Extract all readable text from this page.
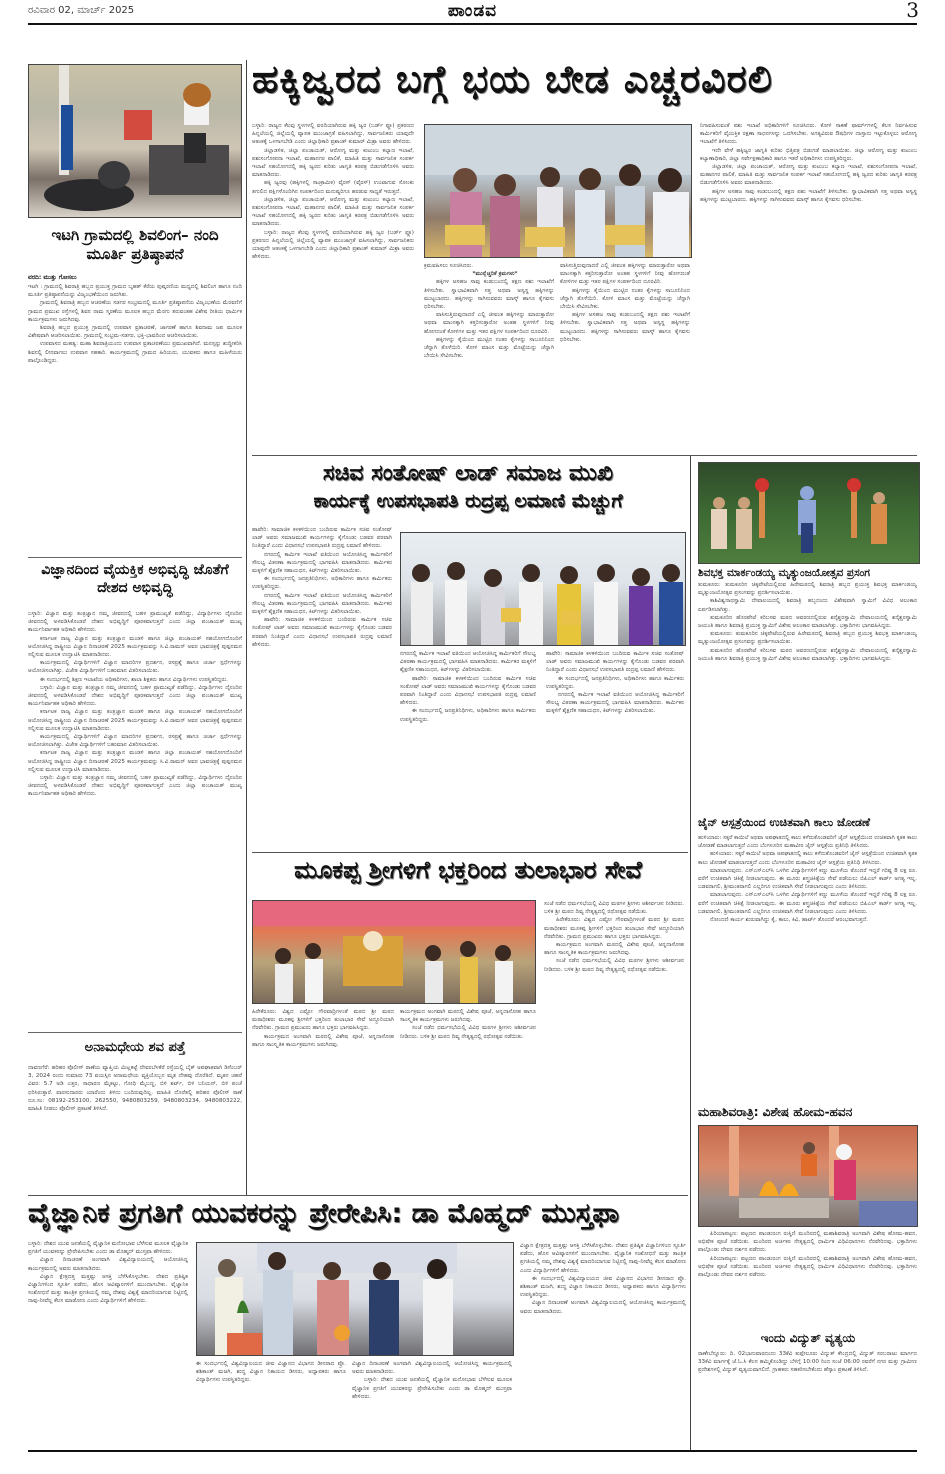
ರವಿವಾರ 02, ಮಾರ್ಚ್ 2025	ಪಾಂಡವ	3
ಇಟಗಿ ಗ್ರಾಮದಲ್ಲಿ ಶಿವಲಿಂಗ– ನಂದಿ ಮೂರ್ತಿ ಪ್ರತಿಷ್ಠಾಪನೆ
ವರದಿ: ಮುತ್ತು ಗೋಸಲು

ಇಟಗಿ : ಗ್ರಾಮದಲ್ಲಿ ಶಿವರಾತ್ರಿ ಹಬ್ಬದ ಪ್ರಯುಕ್ತ ಗ್ರಾಮದ ಬೃಹತ್ ಕೆರೆಯ ಪುಷ್ಕರಣಿಯ ಮಧ್ಯದಲ್ಲಿ ಶಿವಲಿಂಗ ಹಾಗೂ ನಂದಿ ಮೂರ್ತಿ ಪ್ರತಿಷ್ಠಾಪನೆಯನ್ನು ವಿಜೃಂಭಣೆಯಿಂದ ಜರುಗಿತು.

ಗ್ರಾಮದಲ್ಲಿ ಶಿವರಾತ್ರಿ ಹಬ್ಬದ ಆಚರಣೆಯ ಸಡಗರ ಸಂಭ್ರಮದಲ್ಲಿ ಮೂರ್ತಿ ಪ್ರತಿಷ್ಠಾಪನೆಯ ವಿಜೃಂಭಣೆಯ ಮೆರವಣಿಗೆ ಗ್ರಾಮದ ಪ್ರಮುಖ ರಸ್ತೆಗಳಲ್ಲಿ ಶಿವನ ನಾಮ ಸ್ಮರಣೆಯ ಮೂಲಕ ಹಬ್ಬದ ಮೆರಗು ತರುವಂತಹ ವಿಶೇಷ ರೀತಿಯ ಧಾರ್ಮಿಕ ಕಾರ್ಯಕ್ರಮಗಳು ಜರುಗಿದವು.

ಶಿವರಾತ್ರಿ ಹಬ್ಬದ ಪ್ರಯುಕ್ತ ಗ್ರಾಮದಲ್ಲಿ ಉಪವಾಸ ವ್ರತಾಚರಣೆ, ಜಾಗರಣೆ ಹಾಗೂ ಶಿವನಾಮ ಜಪ ಮೂಲಕ ವಿಶೇಷವಾಗಿ ಆಚರಿಸಲಾಯಿತು. ಗ್ರಾಮದಲ್ಲಿ ಸಂಭ್ರಮ-ಸಡಗರ, ಭಕ್ತಿ-ಭಾವದಿಂದ ಆಚರಿಸಲಾಯಿತು.

ಉಪವಾಸದ ಮಹತ್ವ: ಮಹಾ ಶಿವರಾತ್ರಿಯಂದು ಉಪವಾಸ ವ್ರತಾಚರಣೆಯು ಪ್ರಮುಖವಾಗಿದೆ. ಮನಸ್ಸನ್ನು ಶುದ್ಧೀಕರಿಸಿ ಶಿವನಲ್ಲಿ ಲೀನವಾಗಲು ಉಪವಾಸ ಸಹಕಾರಿ. ಕಾರ್ಯಕ್ರಮದಲ್ಲಿ ಗ್ರಾಮದ ಹಿರಿಯರು, ಯುವಕರು ಹಾಗೂ ಮಹಿಳೆಯರು ಪಾಲ್ಗೊಂಡಿದ್ದರು.

ವಿಜ್ಞಾನದಿಂದ ವೈಯಕ್ತಿಕ ಅಭಿವೃದ್ಧಿ ಜೊತೆಗೆ ದೇಶದ ಅಭಿವೃದ್ಧಿ

ಬಳ್ಳಾರಿ: ವಿಜ್ಞಾನ ಮತ್ತು ತಂತ್ರಜ್ಞಾನ ನಮ್ಮ ಜೀವನದಲ್ಲಿ ಬಹಳ ಪ್ರಾಮುಖ್ಯತೆ ಪಡೆದಿದ್ದು, ವಿದ್ಯಾರ್ಥಿಗಳು ದೈನಂದಿನ ಜೀವನದಲ್ಲಿ ಅಳವಡಿಸಿಕೊಂಡರೆ ದೇಶದ ಅಭಿವೃದ್ಧಿಗೆ ಪೂರಕವಾಗುತ್ತದೆ ಎಂದು ಜಿಲ್ಲಾ ಪಂಚಾಯತ್ ಮುಖ್ಯ ಕಾರ್ಯನಿರ್ವಾಹಕ ಅಧಿಕಾರಿ ಹೇಳಿದರು.

ಕರ್ನಾಟಕ ರಾಜ್ಯ ವಿಜ್ಞಾನ ಮತ್ತು ತಂತ್ರಜ್ಞಾನ ಮಂಡಳಿ ಹಾಗೂ ಜಿಲ್ಲಾ ಪಂಚಾಯತ್ ಸಹಯೋಗದೊಂದಿಗೆ ಆಯೋಜಿಸಿದ್ದ ರಾಷ್ಟ್ರೀಯ ವಿಜ್ಞಾನ ದಿನಾಚರಣೆ 2025 ಕಾರ್ಯಕ್ರಮವನ್ನು ಸಿ.ವಿ.ರಾಮನ್ ಅವರ ಭಾವಚಿತ್ರಕ್ಕೆ ಪುಷ್ಪನಮನ ಸಲ್ಲಿಸುವ ಮೂಲಕ ಉದ್ಘಾಟಿಸಿ ಮಾತನಾಡಿದರು.

ಕಾರ್ಯಕ್ರಮದಲ್ಲಿ ವಿದ್ಯಾರ್ಥಿಗಳಿಗೆ ವಿಜ್ಞಾನ ಮಾದರಿಗಳ ಪ್ರದರ್ಶನ, ರಸಪ್ರಶ್ನೆ ಹಾಗೂ ಚರ್ಚಾ ಸ್ಪರ್ಧೆಗಳನ್ನು ಆಯೋಜಿಸಲಾಗಿತ್ತು. ವಿಜೇತ ವಿದ್ಯಾರ್ಥಿಗಳಿಗೆ ಬಹುಮಾನ ವಿತರಿಸಲಾಯಿತು.

ಈ ಸಂದರ್ಭದಲ್ಲಿ ಶಿಕ್ಷಣ ಇಲಾಖೆಯ ಅಧಿಕಾರಿಗಳು, ಶಾಲಾ ಶಿಕ್ಷಕರು ಹಾಗೂ ವಿದ್ಯಾರ್ಥಿಗಳು ಉಪಸ್ಥಿತರಿದ್ದರು.

ಬಳ್ಳಾರಿ: ವಿಜ್ಞಾನ ಮತ್ತು ತಂತ್ರಜ್ಞಾನ ನಮ್ಮ ಜೀವನದಲ್ಲಿ ಬಹಳ ಪ್ರಾಮುಖ್ಯತೆ ಪಡೆದಿದ್ದು, ವಿದ್ಯಾರ್ಥಿಗಳು ದೈನಂದಿನ ಜೀವನದಲ್ಲಿ ಅಳವಡಿಸಿಕೊಂಡರೆ ದೇಶದ ಅಭಿವೃದ್ಧಿಗೆ ಪೂರಕವಾಗುತ್ತದೆ ಎಂದು ಜಿಲ್ಲಾ ಪಂಚಾಯತ್ ಮುಖ್ಯ ಕಾರ್ಯನಿರ್ವಾಹಕ ಅಧಿಕಾರಿ ಹೇಳಿದರು.

ಕರ್ನಾಟಕ ರಾಜ್ಯ ವಿಜ್ಞಾನ ಮತ್ತು ತಂತ್ರಜ್ಞಾನ ಮಂಡಳಿ ಹಾಗೂ ಜಿಲ್ಲಾ ಪಂಚಾಯತ್ ಸಹಯೋಗದೊಂದಿಗೆ ಆಯೋಜಿಸಿದ್ದ ರಾಷ್ಟ್ರೀಯ ವಿಜ್ಞಾನ ದಿನಾಚರಣೆ 2025 ಕಾರ್ಯಕ್ರಮವನ್ನು ಸಿ.ವಿ.ರಾಮನ್ ಅವರ ಭಾವಚಿತ್ರಕ್ಕೆ ಪುಷ್ಪನಮನ ಸಲ್ಲಿಸುವ ಮೂಲಕ ಉದ್ಘಾಟಿಸಿ ಮಾತನಾಡಿದರು.

ಕಾರ್ಯಕ್ರಮದಲ್ಲಿ ವಿದ್ಯಾರ್ಥಿಗಳಿಗೆ ವಿಜ್ಞಾನ ಮಾದರಿಗಳ ಪ್ರದರ್ಶನ, ರಸಪ್ರಶ್ನೆ ಹಾಗೂ ಚರ್ಚಾ ಸ್ಪರ್ಧೆಗಳನ್ನು ಆಯೋಜಿಸಲಾಗಿತ್ತು. ವಿಜೇತ ವಿದ್ಯಾರ್ಥಿಗಳಿಗೆ ಬಹುಮಾನ ವಿತರಿಸಲಾಯಿತು.

ಕರ್ನಾಟಕ ರಾಜ್ಯ ವಿಜ್ಞಾನ ಮತ್ತು ತಂತ್ರಜ್ಞಾನ ಮಂಡಳಿ ಹಾಗೂ ಜಿಲ್ಲಾ ಪಂಚಾಯತ್ ಸಹಯೋಗದೊಂದಿಗೆ ಆಯೋಜಿಸಿದ್ದ ರಾಷ್ಟ್ರೀಯ ವಿಜ್ಞಾನ ದಿನಾಚರಣೆ 2025 ಕಾರ್ಯಕ್ರಮವನ್ನು ಸಿ.ವಿ.ರಾಮನ್ ಅವರ ಭಾವಚಿತ್ರಕ್ಕೆ ಪುಷ್ಪನಮನ ಸಲ್ಲಿಸುವ ಮೂಲಕ ಉದ್ಘಾಟಿಸಿ ಮಾತನಾಡಿದರು.

ಬಳ್ಳಾರಿ: ವಿಜ್ಞಾನ ಮತ್ತು ತಂತ್ರಜ್ಞಾನ ನಮ್ಮ ಜೀವನದಲ್ಲಿ ಬಹಳ ಪ್ರಾಮುಖ್ಯತೆ ಪಡೆದಿದ್ದು, ವಿದ್ಯಾರ್ಥಿಗಳು ದೈನಂದಿನ ಜೀವನದಲ್ಲಿ ಅಳವಡಿಸಿಕೊಂಡರೆ ದೇಶದ ಅಭಿವೃದ್ಧಿಗೆ ಪೂರಕವಾಗುತ್ತದೆ ಎಂದು ಜಿಲ್ಲಾ ಪಂಚಾಯತ್ ಮುಖ್ಯ ಕಾರ್ಯನಿರ್ವಾಹಕ ಅಧಿಕಾರಿ ಹೇಳಿದರು.

ಅನಾಮಧೇಯ ಶವ ಪತ್ತೆ

ದಾವಣಗೆರೆ: ಹರಿಹರ ಪೊಲೀಸ್ ಠಾಣೆಯ ವ್ಯಾಪ್ತಿಯ ಮಿಟ್ಲಕಟ್ಟೆ ದೇವರಬೆಳಕೆರೆ ರಸ್ತೆಯಲ್ಲಿ ಬೈಕ್ ಅಪಘಾತವಾಗಿ ಡಿಸೆಂಬರ್ 3, 2024 ರಂದು ಸುಮಾರು 73 ವಯಸ್ಸಿನ ಅನಾಮಧೇಯ ವ್ಯಕ್ತಿಯೊಬ್ಬನ ಮೃತ ದೇಹವು ದೊರೆತಿದೆ. ಮೃತನ ಚಹರೆ ವಿವರ: 5.7 ಅಡಿ ಎತ್ತರ, ಸಾಧಾರಣ ಮೈಕಟ್ಟು, ಗೋಧಿ ಮೈಬಣ್ಣ, ಬಿಳಿ ಶರ್ಟ್, ಬಿಳಿ ಬನಿಯನ್, ಬಿಳಿ ಪಂಚೆ ಧರಿಸಿರುತ್ತಾರೆ. ವಾರಸುದಾರರು ಯಾರೆಂದು ತಿಳಿದು ಬಂದಿರುವುದಿಲ್ಲ. ಮಾಹಿತಿ ದೊರೆತಲ್ಲಿ ಹರಿಹರ ಪೊಲೀಸ್ ಠಾಣೆ ದೂ.ಸಂ: 08192-253100, 262550, 9480803259, 9480803234, 9480803222, ಮಾಹಿತಿ ನೀಡಲು ಪೊಲೀಸ್ ಪ್ರಕಟಣೆ ತಿಳಿಸಿದೆ.

ಹಕ್ಕಿಜ್ವರದ ಬಗ್ಗೆ ಭಯ ಬೇಡ ಎಚ್ಚರವಿರಲಿ

ಬಳ್ಳಾರಿ: ರಾಜ್ಯದ ಕೆಲವು ಸ್ಥಳಗಳಲ್ಲಿ ವರದಿಯಾಗಿರುವ ಹಕ್ಕಿ ಜ್ವರ (ಬರ್ಡ್ ಫ್ಲೂ) ಪ್ರಕರಣದ ಹಿನ್ನಲೆಯಲ್ಲಿ ಜಿಲ್ಲೆಯಲ್ಲಿ ವ್ಯಾಪಕ ಮುಂಜಾಗ್ರತೆ ವಹಿಸಲಾಗಿದ್ದು, ಸಾರ್ವಜನಿಕರು ಯಾವುದೇ ಆತಂಕಕ್ಕೆ ಒಳಗಾಗಬೇಡಿ ಎಂದು ಜಿಲ್ಲಾಧಿಕಾರಿ ಪ್ರಶಾಂತ್ ಕುಮಾರ್ ಮಿಶ್ರಾ ಅವರು ಹೇಳಿದರು.

ಜಿಲ್ಲಾಡಳಿತ, ಜಿಲ್ಲಾ ಪಂಚಾಯತ್, ಆರೋಗ್ಯ ಮತ್ತು ಕುಟುಂಬ ಕಲ್ಯಾಣ ಇಲಾಖೆ, ಪಶುಸಂಗೋಪನಾ ಇಲಾಖೆ, ಮಹಾನಗರ ಪಾಲಿಕೆ, ಮಾಹಿತಿ ಮತ್ತು ಸಾರ್ವಜನಿಕ ಸಂಪರ್ಕ ಇಲಾಖೆ ಸಹಯೋಗದಲ್ಲಿ ಹಕ್ಕಿ ಜ್ವರದ ಕುರಿತು ಜಾಗೃತಿ ಕರಪತ್ರ ಬಿಡುಗಡೆಗೊಳಿಸಿ ಅವರು ಮಾತನಾಡಿದರು.

ಹಕ್ಕಿ ಜ್ವರವು (ಹಕ್ಕಿಗಳಲ್ಲಿ ಸಾಂಕ್ರಾಮಿಕ) ವೈರಸ್ (ವೈರಸ್) ಉಂಟಾಗುವ ಸೋಂಕು ತಗುಲಿದ ಪಕ್ಷಿಗಳೊಂದಿಗಿನ ಸಂಪರ್ಕದಿಂದ ಮನುಷ್ಯರಿಗೂ ಹರಡುವ ಸಾಧ್ಯತೆ ಇರುತ್ತದೆ.

ಜಿಲ್ಲಾಡಳಿತ, ಜಿಲ್ಲಾ ಪಂಚಾಯತ್, ಆರೋಗ್ಯ ಮತ್ತು ಕುಟುಂಬ ಕಲ್ಯಾಣ ಇಲಾಖೆ, ಪಶುಸಂಗೋಪನಾ ಇಲಾಖೆ, ಮಹಾನಗರ ಪಾಲಿಕೆ, ಮಾಹಿತಿ ಮತ್ತು ಸಾರ್ವಜನಿಕ ಸಂಪರ್ಕ ಇಲಾಖೆ ಸಹಯೋಗದಲ್ಲಿ ಹಕ್ಕಿ ಜ್ವರದ ಕುರಿತು ಜಾಗೃತಿ ಕರಪತ್ರ ಬಿಡುಗಡೆಗೊಳಿಸಿ ಅವರು ಮಾತನಾಡಿದರು.

ಬಳ್ಳಾರಿ: ರಾಜ್ಯದ ಕೆಲವು ಸ್ಥಳಗಳಲ್ಲಿ ವರದಿಯಾಗಿರುವ ಹಕ್ಕಿ ಜ್ವರ (ಬರ್ಡ್ ಫ್ಲೂ) ಪ್ರಕರಣದ ಹಿನ್ನಲೆಯಲ್ಲಿ ಜಿಲ್ಲೆಯಲ್ಲಿ ವ್ಯಾಪಕ ಮುಂಜಾಗ್ರತೆ ವಹಿಸಲಾಗಿದ್ದು, ಸಾರ್ವಜನಿಕರು ಯಾವುದೇ ಆತಂಕಕ್ಕೆ ಒಳಗಾಗಬೇಡಿ ಎಂದು ಜಿಲ್ಲಾಧಿಕಾರಿ ಪ್ರಶಾಂತ್ ಕುಮಾರ್ ಮಿಶ್ರಾ ಅವರು ಹೇಳಿದರು.

ಕ್ರಮವಹಿಸಲು ಸೂಚಿಸಿದರು.

*ಮುನ್ನೆಚ್ಚರಿಕೆ ಕ್ರಮಗಳು*

ಹಕ್ಕಿಗಳ ಅಸಹಜ ಸಾವು ಕಂಡುಬಂದಲ್ಲಿ ತಕ್ಷಣ ಪಶು ಇಲಾಖೆಗೆ ತಿಳಿಸಬೇಕು. ಸ್ವಾಭಾವಿಕವಾಗಿ ಸತ್ತ ಅಥವಾ ಅಸ್ವಸ್ಥ ಹಕ್ಕಿಗಳನ್ನು ಮುಟ್ಟಬಾರದು. ಹಕ್ಕಿಗಳನ್ನು ಸಾಗಿಸುವವರು ಮಾಸ್ಕ್ ಹಾಗೂ ಕೈಗವಸು ಧರಿಸಬೇಕು.

ವಾಸಿಸುತ್ತಿರುವುದಾದರೆ ಎಲ್ಲಿ ಜೀವಂತ ಹಕ್ಕಿಗಳನ್ನು ಮಾರುತ್ತಾರೋ ಅಥವಾ ಮಾಂಸಕ್ಕಾಗಿ ಕತ್ತರಿಸುತ್ತಾರೋ ಅಂತಹ ಸ್ಥಳಗಳಿಗೆ ನೀವು ಹೋಗದಂತೆ ಕೋಳಿಗಳ ಮತ್ತು ಇತರ ಪಕ್ಷಿಗಳ ಸಂಪರ್ಕದಿಂದ ದೂರವಿರಿ.

ಹಕ್ಕಿಗಳನ್ನು ಕೈಯಿಂದ ಮುಟ್ಟಿದ ನಂತರ ಕೈಗಳನ್ನು ಸಾಬೂನಿನಿಂದ ಚೆನ್ನಾಗಿ ತೊಳೆಯಿರಿ. ಕೋಳಿ ಮಾಂಸ ಮತ್ತು ಮೊಟ್ಟೆಯನ್ನು ಚೆನ್ನಾಗಿ ಬೇಯಿಸಿ ಸೇವಿಸಬೇಕು.

ವಾಸಿಸುತ್ತಿರುವುದಾದರೆ ಎಲ್ಲಿ ಜೀವಂತ ಹಕ್ಕಿಗಳನ್ನು ಮಾರುತ್ತಾರೋ ಅಥವಾ ಮಾಂಸಕ್ಕಾಗಿ ಕತ್ತರಿಸುತ್ತಾರೋ ಅಂತಹ ಸ್ಥಳಗಳಿಗೆ ನೀವು ಹೋಗದಂತೆ ಕೋಳಿಗಳ ಮತ್ತು ಇತರ ಪಕ್ಷಿಗಳ ಸಂಪರ್ಕದಿಂದ ದೂರವಿರಿ.

ಹಕ್ಕಿಗಳನ್ನು ಕೈಯಿಂದ ಮುಟ್ಟಿದ ನಂತರ ಕೈಗಳನ್ನು ಸಾಬೂನಿನಿಂದ ಚೆನ್ನಾಗಿ ತೊಳೆಯಿರಿ. ಕೋಳಿ ಮಾಂಸ ಮತ್ತು ಮೊಟ್ಟೆಯನ್ನು ಚೆನ್ನಾಗಿ ಬೇಯಿಸಿ ಸೇವಿಸಬೇಕು.

ಹಕ್ಕಿಗಳ ಅಸಹಜ ಸಾವು ಕಂಡುಬಂದಲ್ಲಿ ತಕ್ಷಣ ಪಶು ಇಲಾಖೆಗೆ ತಿಳಿಸಬೇಕು. ಸ್ವಾಭಾವಿಕವಾಗಿ ಸತ್ತ ಅಥವಾ ಅಸ್ವಸ್ಥ ಹಕ್ಕಿಗಳನ್ನು ಮುಟ್ಟಬಾರದು. ಹಕ್ಕಿಗಳನ್ನು ಸಾಗಿಸುವವರು ಮಾಸ್ಕ್ ಹಾಗೂ ಕೈಗವಸು ಧರಿಸಬೇಕು.

ನಿಗಾವಹಿಸುವಂತೆ ಪಶು ಇಲಾಖೆ ಅಧಿಕಾರಿಗಳಿಗೆ ಸೂಚಿಸಿದರು. ಕೋಳಿ ಸಾಕಣೆ ಫಾರ್ಮ್‌ಗಳಲ್ಲಿ ಕೆಲಸ ನಿರ್ವಹಿಸುವ ಕಾರ್ಮಿಕರಿಗೆ ವೈಯಕ್ತಿಕ ರಕ್ಷಣಾ ಸಾಧನಗಳನ್ನು ಒದಗಿಸಬೇಕು. ಅಗತ್ಯವಿರುವ ಔಷಧಿಗಳ ದಾಸ್ತಾನು ಇಟ್ಟುಕೊಳ್ಳಲು ಆರೋಗ್ಯ ಇಲಾಖೆಗೆ ತಿಳಿಸಿದರು.

ಇದೇ ವೇಳೆ ಹಕ್ಕಿಜ್ವರ ಜಾಗೃತಿ ಕುರಿತು ಭಿತ್ತಿಪತ್ರ ಬಿಡುಗಡೆ ಮಾಡಲಾಯಿತು. ಜಿಲ್ಲಾ ಆರೋಗ್ಯ ಮತ್ತು ಕುಟುಂಬ ಕಲ್ಯಾಣಾಧಿಕಾರಿ, ಜಿಲ್ಲಾ ಸರ್ವೇಕ್ಷಣಾಧಿಕಾರಿ ಹಾಗೂ ಇತರೆ ಅಧಿಕಾರಿಗಳು ಉಪಸ್ಥಿತರಿದ್ದರು.

ಜಿಲ್ಲಾಡಳಿತ, ಜಿಲ್ಲಾ ಪಂಚಾಯತ್, ಆರೋಗ್ಯ ಮತ್ತು ಕುಟುಂಬ ಕಲ್ಯಾಣ ಇಲಾಖೆ, ಪಶುಸಂಗೋಪನಾ ಇಲಾಖೆ, ಮಹಾನಗರ ಪಾಲಿಕೆ, ಮಾಹಿತಿ ಮತ್ತು ಸಾರ್ವಜನಿಕ ಸಂಪರ್ಕ ಇಲಾಖೆ ಸಹಯೋಗದಲ್ಲಿ ಹಕ್ಕಿ ಜ್ವರದ ಕುರಿತು ಜಾಗೃತಿ ಕರಪತ್ರ ಬಿಡುಗಡೆಗೊಳಿಸಿ ಅವರು ಮಾತನಾಡಿದರು.

ಹಕ್ಕಿಗಳ ಅಸಹಜ ಸಾವು ಕಂಡುಬಂದಲ್ಲಿ ತಕ್ಷಣ ಪಶು ಇಲಾಖೆಗೆ ತಿಳಿಸಬೇಕು. ಸ್ವಾಭಾವಿಕವಾಗಿ ಸತ್ತ ಅಥವಾ ಅಸ್ವಸ್ಥ ಹಕ್ಕಿಗಳನ್ನು ಮುಟ್ಟಬಾರದು. ಹಕ್ಕಿಗಳನ್ನು ಸಾಗಿಸುವವರು ಮಾಸ್ಕ್ ಹಾಗೂ ಕೈಗವಸು ಧರಿಸಬೇಕು.

ಸಚಿವ ಸಂತೋಷ್ ಲಾಡ್ ಸಮಾಜ ಮುಖಿ
ಕಾರ್ಯಕ್ಕೆ ಉಪಸಭಾಪತಿ ರುದ್ರಪ್ಪ ಲಮಾಣಿ ಮೆಚ್ಚುಗೆ

ಹಾವೇರಿ: ಸಾಮಾಜಿಕ ಕಳಕಳಿಯಿಂದ ಬಂದಿರುವ ಕಾರ್ಮಿಕ ಸಚಿವ ಸಂತೋಷ್ ಲಾಡ್ ಅವರು ಸಮಾಜಮುಖಿ ಕಾರ್ಯಗಳನ್ನು ಕೈಗೊಂಡು ಬಡವರ ಪರವಾಗಿ ನಿಂತಿದ್ದಾರೆ ಎಂದು ವಿಧಾನಸಭೆ ಉಪಸಭಾಪತಿ ರುದ್ರಪ್ಪ ಲಮಾಣಿ ಹೇಳಿದರು.

ನಗರದಲ್ಲಿ ಕಾರ್ಮಿಕ ಇಲಾಖೆ ವತಿಯಿಂದ ಆಯೋಜಿಸಿದ್ದ ಕಾರ್ಮಿಕರಿಗೆ ಸೌಲಭ್ಯ ವಿತರಣಾ ಕಾರ್ಯಕ್ರಮದಲ್ಲಿ ಭಾಗವಹಿಸಿ ಮಾತನಾಡಿದರು. ಕಾರ್ಮಿಕರ ಮಕ್ಕಳಿಗೆ ಶೈಕ್ಷಣಿಕ ಸಹಾಯಧನ, ಕಿಟ್‌ಗಳನ್ನು ವಿತರಿಸಲಾಯಿತು.

ಈ ಸಂದರ್ಭದಲ್ಲಿ ಜನಪ್ರತಿನಿಧಿಗಳು, ಅಧಿಕಾರಿಗಳು ಹಾಗೂ ಕಾರ್ಮಿಕರು ಉಪಸ್ಥಿತರಿದ್ದರು.

ನಗರದಲ್ಲಿ ಕಾರ್ಮಿಕ ಇಲಾಖೆ ವತಿಯಿಂದ ಆಯೋಜಿಸಿದ್ದ ಕಾರ್ಮಿಕರಿಗೆ ಸೌಲಭ್ಯ ವಿತರಣಾ ಕಾರ್ಯಕ್ರಮದಲ್ಲಿ ಭಾಗವಹಿಸಿ ಮಾತನಾಡಿದರು. ಕಾರ್ಮಿಕರ ಮಕ್ಕಳಿಗೆ ಶೈಕ್ಷಣಿಕ ಸಹಾಯಧನ, ಕಿಟ್‌ಗಳನ್ನು ವಿತರಿಸಲಾಯಿತು.

ಹಾವೇರಿ: ಸಾಮಾಜಿಕ ಕಳಕಳಿಯಿಂದ ಬಂದಿರುವ ಕಾರ್ಮಿಕ ಸಚಿವ ಸಂತೋಷ್ ಲಾಡ್ ಅವರು ಸಮಾಜಮುಖಿ ಕಾರ್ಯಗಳನ್ನು ಕೈಗೊಂಡು ಬಡವರ ಪರವಾಗಿ ನಿಂತಿದ್ದಾರೆ ಎಂದು ವಿಧಾನಸಭೆ ಉಪಸಭಾಪತಿ ರುದ್ರಪ್ಪ ಲಮಾಣಿ ಹೇಳಿದರು.

ನಗರದಲ್ಲಿ ಕಾರ್ಮಿಕ ಇಲಾಖೆ ವತಿಯಿಂದ ಆಯೋಜಿಸಿದ್ದ ಕಾರ್ಮಿಕರಿಗೆ ಸೌಲಭ್ಯ ವಿತರಣಾ ಕಾರ್ಯಕ್ರಮದಲ್ಲಿ ಭಾಗವಹಿಸಿ ಮಾತನಾಡಿದರು. ಕಾರ್ಮಿಕರ ಮಕ್ಕಳಿಗೆ ಶೈಕ್ಷಣಿಕ ಸಹಾಯಧನ, ಕಿಟ್‌ಗಳನ್ನು ವಿತರಿಸಲಾಯಿತು.

ಹಾವೇರಿ: ಸಾಮಾಜಿಕ ಕಳಕಳಿಯಿಂದ ಬಂದಿರುವ ಕಾರ್ಮಿಕ ಸಚಿವ ಸಂತೋಷ್ ಲಾಡ್ ಅವರು ಸಮಾಜಮುಖಿ ಕಾರ್ಯಗಳನ್ನು ಕೈಗೊಂಡು ಬಡವರ ಪರವಾಗಿ ನಿಂತಿದ್ದಾರೆ ಎಂದು ವಿಧಾನಸಭೆ ಉಪಸಭಾಪತಿ ರುದ್ರಪ್ಪ ಲಮಾಣಿ ಹೇಳಿದರು.

ಈ ಸಂದರ್ಭದಲ್ಲಿ ಜನಪ್ರತಿನಿಧಿಗಳು, ಅಧಿಕಾರಿಗಳು ಹಾಗೂ ಕಾರ್ಮಿಕರು ಉಪಸ್ಥಿತರಿದ್ದರು.

ಹಾವೇರಿ: ಸಾಮಾಜಿಕ ಕಳಕಳಿಯಿಂದ ಬಂದಿರುವ ಕಾರ್ಮಿಕ ಸಚಿವ ಸಂತೋಷ್ ಲಾಡ್ ಅವರು ಸಮಾಜಮುಖಿ ಕಾರ್ಯಗಳನ್ನು ಕೈಗೊಂಡು ಬಡವರ ಪರವಾಗಿ ನಿಂತಿದ್ದಾರೆ ಎಂದು ವಿಧಾನಸಭೆ ಉಪಸಭಾಪತಿ ರುದ್ರಪ್ಪ ಲಮಾಣಿ ಹೇಳಿದರು.

ಈ ಸಂದರ್ಭದಲ್ಲಿ ಜನಪ್ರತಿನಿಧಿಗಳು, ಅಧಿಕಾರಿಗಳು ಹಾಗೂ ಕಾರ್ಮಿಕರು ಉಪಸ್ಥಿತರಿದ್ದರು.

ನಗರದಲ್ಲಿ ಕಾರ್ಮಿಕ ಇಲಾಖೆ ವತಿಯಿಂದ ಆಯೋಜಿಸಿದ್ದ ಕಾರ್ಮಿಕರಿಗೆ ಸೌಲಭ್ಯ ವಿತರಣಾ ಕಾರ್ಯಕ್ರಮದಲ್ಲಿ ಭಾಗವಹಿಸಿ ಮಾತನಾಡಿದರು. ಕಾರ್ಮಿಕರ ಮಕ್ಕಳಿಗೆ ಶೈಕ್ಷಣಿಕ ಸಹಾಯಧನ, ಕಿಟ್‌ಗಳನ್ನು ವಿತರಿಸಲಾಯಿತು.

ಶಿವಭಕ್ತ ಮಾರ್ಕಂಡಯ್ಯ ಮೃತ್ಯುಂಜಯೋತ್ಸವ ಪ್ರಸಂಗ

ತುಮಕೂರು: ತುಮಕೂರಿನ ಚಿಕ್ಕಪೇಟೆಯಲ್ಲಿರುವ ಹಿರೇಮಠದಲ್ಲಿ ಶಿವರಾತ್ರಿ ಹಬ್ಬದ ಪ್ರಯುಕ್ತ ಶಿವಭಕ್ತ ಮಾರ್ಕಂಡಯ್ಯ ಮೃತ್ಯುಂಜಯೋತ್ಸವ ಪ್ರಸಂಗವನ್ನು ಪ್ರದರ್ಶಿಸಲಾಯಿತು.

ಕಾಶಿವಿಶ್ವನಾಥಸ್ವಾಮಿ ದೇವಾಲಯದಲ್ಲಿ ಶಿವರಾತ್ರಿ ಹಬ್ಬದಂದು ವಿಶೇಷವಾಗಿ ಸ್ವಾಮಿಗೆ ವಿವಿಧ ಅಲಂಕಾರ ಏರ್ಪಡಿಸಲಾಗಿತ್ತು.

ತುಮಕೂರಿನ ಹೊರಪೇಟೆ ಕರಿಬಸವ ಮಠದ ಆವರಣದಲ್ಲಿರುವ ಶನೈಶ್ಚರಸ್ವಾಮಿ ದೇವಾಲಯದಲ್ಲಿ ಶನೈಶ್ಚರಸ್ವಾಮಿ ಜಯಂತಿ ಹಾಗೂ ಶಿವರಾತ್ರಿ ಪ್ರಯುಕ್ತ ಸ್ವಾಮಿಗೆ ವಿಶೇಷ ಅಲಂಕಾರ ಮಾಡಲಾಗಿತ್ತು. ಭಕ್ತಾದಿಗಳು ಭಾಗವಹಿಸಿದ್ದರು.

ತುಮಕೂರು: ತುಮಕೂರಿನ ಚಿಕ್ಕಪೇಟೆಯಲ್ಲಿರುವ ಹಿರೇಮಠದಲ್ಲಿ ಶಿವರಾತ್ರಿ ಹಬ್ಬದ ಪ್ರಯುಕ್ತ ಶಿವಭಕ್ತ ಮಾರ್ಕಂಡಯ್ಯ ಮೃತ್ಯುಂಜಯೋತ್ಸವ ಪ್ರಸಂಗವನ್ನು ಪ್ರದರ್ಶಿಸಲಾಯಿತು.

ತುಮಕೂರಿನ ಹೊರಪೇಟೆ ಕರಿಬಸವ ಮಠದ ಆವರಣದಲ್ಲಿರುವ ಶನೈಶ್ಚರಸ್ವಾಮಿ ದೇವಾಲಯದಲ್ಲಿ ಶನೈಶ್ಚರಸ್ವಾಮಿ ಜಯಂತಿ ಹಾಗೂ ಶಿವರಾತ್ರಿ ಪ್ರಯುಕ್ತ ಸ್ವಾಮಿಗೆ ವಿಶೇಷ ಅಲಂಕಾರ ಮಾಡಲಾಗಿತ್ತು. ಭಕ್ತಾದಿಗಳು ಭಾಗವಹಿಸಿದ್ದರು.

ಜೈನ್ ಆಸ್ಪತ್ರೆಯಿಂದ ಉಚಿತವಾಗಿ ಕಾಲು ಜೋಡಣೆ

ಹುಳಿಯಾರು: ಸಕ್ಕರೆ ಕಾಯಿಲೆ ಅಥವಾ ಅಪಘಾತದಲ್ಲಿ ಕಾಲು ಕಳೆದುಕೊಂಡವರಿಗೆ ಜೈನ್ ಆಸ್ಪತ್ರೆಯಿಂದ ಉಚಿತವಾಗಿ ಕೃತಕ ಕಾಲು ಜೋಡಣೆ ಮಾಡಲಾಗುತ್ತದೆ ಎಂದು ಬೆಂಗಳೂರಿನ ಮಹಾವೀರ ಜೈನ್ ಆಸ್ಪತ್ರೆಯ ಪ್ರತಿನಿಧಿ ತಿಳಿಸಿದರು.

ಹುಳಿಯಾರು: ಸಕ್ಕರೆ ಕಾಯಿಲೆ ಅಥವಾ ಅಪಘಾತದಲ್ಲಿ ಕಾಲು ಕಳೆದುಕೊಂಡವರಿಗೆ ಜೈನ್ ಆಸ್ಪತ್ರೆಯಿಂದ ಉಚಿತವಾಗಿ ಕೃತಕ ಕಾಲು ಜೋಡಣೆ ಮಾಡಲಾಗುತ್ತದೆ ಎಂದು ಬೆಂಗಳೂರಿನ ಮಹಾವೀರ ಜೈನ್ ಆಸ್ಪತ್ರೆಯ ಪ್ರತಿನಿಧಿ ತಿಳಿಸಿದರು.

ಮಾಡಲಾಗುವುದು. ಎಸ್‌ಎಸ್‌ಎಲ್‌ಸಿ ಒಳಗಿನ ವಿದ್ಯಾರ್ಥಿಗಳಿಗೆ ಕಣ್ಣು ಮೂಳೆಯ ತೊಂದರೆ ಇದ್ದರೆ ಗರಿಷ್ಟ 8 ಲಕ್ಷ ರೂ. ವರೆಗೆ ಉಚಿತವಾಗಿ ಚಿಕಿತ್ಸೆ ನೀಡಲಾಗುವುದು. ಈ ಮೂರು ಶಸ್ತ್ರಚಿಕಿತ್ಸೆಯ ಸೇವೆ ಪಡೆಯಲು ಬಿಪಿಎಲ್ ಕಾರ್ಡ್ ಅಗತ್ಯ ಇಲ್ಲ. ಬಡವರಾಗಲಿ, ಶ್ರೀಮಂತರಾಗಲಿ ಎಲ್ಲರಿಗೂ ಉಚಿತವಾಗಿ ಸೇವೆ ನೀಡಲಾಗುವುದು ಎಂದು ತಿಳಿಸಿದರು.

ಮಾಡಲಾಗುವುದು. ಎಸ್‌ಎಸ್‌ಎಲ್‌ಸಿ ಒಳಗಿನ ವಿದ್ಯಾರ್ಥಿಗಳಿಗೆ ಕಣ್ಣು ಮೂಳೆಯ ತೊಂದರೆ ಇದ್ದರೆ ಗರಿಷ್ಟ 8 ಲಕ್ಷ ರೂ. ವರೆಗೆ ಉಚಿತವಾಗಿ ಚಿಕಿತ್ಸೆ ನೀಡಲಾಗುವುದು. ಈ ಮೂರು ಶಸ್ತ್ರಚಿಕಿತ್ಸೆಯ ಸೇವೆ ಪಡೆಯಲು ಬಿಪಿಎಲ್ ಕಾರ್ಡ್ ಅಗತ್ಯ ಇಲ್ಲ. ಬಡವರಾಗಲಿ, ಶ್ರೀಮಂತರಾಗಲಿ ಎಲ್ಲರಿಗೂ ಉಚಿತವಾಗಿ ಸೇವೆ ನೀಡಲಾಗುವುದು ಎಂದು ತಿಳಿಸಿದರು.

ನೋಂದಣಿ ಕಾರ್ಯ ಶುರುವಾಗಿದ್ದು ಕೈ, ಕಾಲು, ಕಿವಿ, ಹಾರ್ಟ್ ತೊಂದರೆ ಆರಂಭವಾಗುತ್ತದೆ.

ಮಹಾಶಿವರಾತ್ರಿ: ವಿಶೇಷ ಹೋಮ-ಹವನ

ಪಿರಿಯಾಪಟ್ಟಣ: ಪಟ್ಟಣದ ಪಾಂಡುರಂಗ ರುಕ್ಮಿಣಿ ಮಂದಿರದಲ್ಲಿ ಮಹಾಶಿವರಾತ್ರಿ ಅಂಗವಾಗಿ ವಿಶೇಷ ಹೋಮ-ಹವನ, ಅಭಿಷೇಕ ಪೂಜೆ ನಡೆಯಿತು. ಮಂದಿರದ ಅರ್ಚಕರ ನೇತೃತ್ವದಲ್ಲಿ ಧಾರ್ಮಿಕ ವಿಧಿವಿಧಾನಗಳು ನೆರವೇರಿದವು. ಭಕ್ತಾದಿಗಳು ಪಾಲ್ಗೊಂಡು ದೇವರ ದರ್ಶನ ಪಡೆದರು.

ಪಿರಿಯಾಪಟ್ಟಣ: ಪಟ್ಟಣದ ಪಾಂಡುರಂಗ ರುಕ್ಮಿಣಿ ಮಂದಿರದಲ್ಲಿ ಮಹಾಶಿವರಾತ್ರಿ ಅಂಗವಾಗಿ ವಿಶೇಷ ಹೋಮ-ಹವನ, ಅಭಿಷೇಕ ಪೂಜೆ ನಡೆಯಿತು. ಮಂದಿರದ ಅರ್ಚಕರ ನೇತೃತ್ವದಲ್ಲಿ ಧಾರ್ಮಿಕ ವಿಧಿವಿಧಾನಗಳು ನೆರವೇರಿದವು. ಭಕ್ತಾದಿಗಳು ಪಾಲ್ಗೊಂಡು ದೇವರ ದರ್ಶನ ಪಡೆದರು.

ಇಂದು ವಿದ್ಯುತ್ ವ್ಯತ್ಯಯ

ರಾಣೇಬೆನ್ನೂರು: ದಿ. 02ಭಾನುವಾರದಂದು 33ಕೆವಿ ಕುಪ್ಪೇಲೂರು ವಿದ್ಯುತ್ ಕೇಂದ್ರದಲ್ಲಿ ವಿದ್ಯುತ್ ಸರಬರಾಜು ಮಾರ್ಗದ 33ಕೆವಿ ಮಾರ್ಗಕ್ಕೆ ಜೆ.ಓ.ಸಿ ಕೆಲಸ ಹಮ್ಮಿಕೊಂಡಿದ್ದು ಬೆಳಿಗ್ಗೆ 10:00 ರಿಂದ ಸಂಜೆ 06:00 ರವರೆಗೆ ನಗರ ಮತ್ತು ಗ್ರಾಮೀಣ ಪ್ರದೇಶಗಳಲ್ಲಿ ವಿದ್ಯುತ್ ವ್ಯತ್ಯಯವಾಗಲಿದೆ. ಗ್ರಾಹಕರು ಸಹಕರಿಸಬೇಕೆಂದು ಹೆಸ್ಕಾಂ ಪ್ರಕಟಣೆ ತಿಳಿಸಿದೆ.

ಮೂಕಪ್ಪ ಶ್ರೀಗಳಿಗೆ ಭಕ್ತರಿಂದ ತುಲಾಭಾರ ಸೇವೆ

ಹಿರೇಕೆರೂರು: ವಿಶ್ವದ ಎಷ್ಟೋ ಗೌರವಾದ್ರಿಗಳಂತೆ ಮಠದ ಶ್ರೀ ಮಠದ ಮಠಾಧೀಶರು ಮೂಕಪ್ಪ ಶ್ರೀಗಳಿಗೆ ಭಕ್ತರಿಂದ ತುಲಾಭಾರ ಸೇವೆ ಅದ್ಧೂರಿಯಾಗಿ ನೆರವೇರಿತು. ಗ್ರಾಮದ ಪ್ರಮುಖರು ಹಾಗೂ ಭಕ್ತರು ಭಾಗವಹಿಸಿದ್ದರು.

ಕಾರ್ಯಕ್ರಮದ ಅಂಗವಾಗಿ ಮಠದಲ್ಲಿ ವಿಶೇಷ ಪೂಜೆ, ಅನ್ನದಾಸೋಹ ಹಾಗೂ ಸಾಂಸ್ಕೃತಿಕ ಕಾರ್ಯಕ್ರಮಗಳು ಜರುಗಿದವು.

ಕಾರ್ಯಕ್ರಮದ ಅಂಗವಾಗಿ ಮಠದಲ್ಲಿ ವಿಶೇಷ ಪೂಜೆ, ಅನ್ನದಾಸೋಹ ಹಾಗೂ ಸಾಂಸ್ಕೃತಿಕ ಕಾರ್ಯಕ್ರಮಗಳು ಜರುಗಿದವು.

ಸಂಜೆ ನಡೆದ ಧರ್ಮಸಭೆಯಲ್ಲಿ ವಿವಿಧ ಮಠಗಳ ಶ್ರೀಗಳು ಆಶೀರ್ವಚನ ನೀಡಿದರು. ಬಳಿಕ ಶ್ರೀ ಮಠದ ದಿವ್ಯ ನೇತೃತ್ವದಲ್ಲಿ ರಥೋತ್ಸವ ನಡೆಯಿತು.

ಸಂಜೆ ನಡೆದ ಧರ್ಮಸಭೆಯಲ್ಲಿ ವಿವಿಧ ಮಠಗಳ ಶ್ರೀಗಳು ಆಶೀರ್ವಚನ ನೀಡಿದರು. ಬಳಿಕ ಶ್ರೀ ಮಠದ ದಿವ್ಯ ನೇತೃತ್ವದಲ್ಲಿ ರಥೋತ್ಸವ ನಡೆಯಿತು.

ಹಿರೇಕೆರೂರು: ವಿಶ್ವದ ಎಷ್ಟೋ ಗೌರವಾದ್ರಿಗಳಂತೆ ಮಠದ ಶ್ರೀ ಮಠದ ಮಠಾಧೀಶರು ಮೂಕಪ್ಪ ಶ್ರೀಗಳಿಗೆ ಭಕ್ತರಿಂದ ತುಲಾಭಾರ ಸೇವೆ ಅದ್ಧೂರಿಯಾಗಿ ನೆರವೇರಿತು. ಗ್ರಾಮದ ಪ್ರಮುಖರು ಹಾಗೂ ಭಕ್ತರು ಭಾಗವಹಿಸಿದ್ದರು.

ಕಾರ್ಯಕ್ರಮದ ಅಂಗವಾಗಿ ಮಠದಲ್ಲಿ ವಿಶೇಷ ಪೂಜೆ, ಅನ್ನದಾಸೋಹ ಹಾಗೂ ಸಾಂಸ್ಕೃತಿಕ ಕಾರ್ಯಕ್ರಮಗಳು ಜರುಗಿದವು.

ಸಂಜೆ ನಡೆದ ಧರ್ಮಸಭೆಯಲ್ಲಿ ವಿವಿಧ ಮಠಗಳ ಶ್ರೀಗಳು ಆಶೀರ್ವಚನ ನೀಡಿದರು. ಬಳಿಕ ಶ್ರೀ ಮಠದ ದಿವ್ಯ ನೇತೃತ್ವದಲ್ಲಿ ರಥೋತ್ಸವ ನಡೆಯಿತು.

ವೈಜ್ಞಾನಿಕ ಪ್ರಗತಿಗೆ ಯುವಕರನ್ನು ಪ್ರೇರೇಪಿಸಿ: ಡಾ ಮೊಹ್ಮದ್ ಮುಸ್ತಫಾ

ಬಳ್ಳಾರಿ: ದೇಶದ ಯುವ ಜನತೆಯಲ್ಲಿ ವೈಜ್ಞಾನಿಕ ಮನೋಭಾವ ಬೆಳೆಸುವ ಮೂಲಕ ವೈಜ್ಞಾನಿಕ ಪ್ರಗತಿಗೆ ಯುವಕರನ್ನು ಪ್ರೇರೇಪಿಸಬೇಕು ಎಂದು ಡಾ ಮೊಹ್ಮದ್ ಮುಸ್ತಫಾ ಹೇಳಿದರು.

ವಿಜ್ಞಾನ ದಿನಾಚರಣೆ ಅಂಗವಾಗಿ ವಿಶ್ವವಿದ್ಯಾಲಯದಲ್ಲಿ ಆಯೋಜಿಸಿದ್ದ ಕಾರ್ಯಕ್ರಮದಲ್ಲಿ ಅವರು ಮಾತನಾಡಿದರು.

ವಿಜ್ಞಾನ ಕ್ಷೇತ್ರದತ್ತ ಮತ್ತಷ್ಟು ಆಸಕ್ತಿ ಬೆಳೆಸಿಕೊಳ್ಳಬೇಕು. ದೇಶದ ಪ್ರತಿಷ್ಠಿತ ವಿಜ್ಞಾನಿಗಳಿಂದ ಸ್ಫೂರ್ತಿ ಪಡೆದು, ಹೊಸ ಆವಿಷ್ಕಾರಗಳಿಗೆ ಮುಂದಾಗಬೇಕು. ವೈಜ್ಞಾನಿಕ ಸಂಶೋಧನೆ ಮತ್ತು ತಾಂತ್ರಿಕ ಪ್ರಗತಿಯಲ್ಲಿ ನಮ್ಮ ದೇಶವು ವಿಶ್ವಕ್ಕೆ ಮಾದರಿಯಾಗುವ ನಿಟ್ಟಿನಲ್ಲಿ ನಾವು-ನೀವೆಲ್ಲ ಕೆಲಸ ಮಾಡೋಣ ಎಂದು ವಿದ್ಯಾರ್ಥಿಗಳಿಗೆ ಹೇಳಿದರು.

ಈ ಸಂದರ್ಭದಲ್ಲಿ ವಿಶ್ವವಿದ್ಯಾಲಯದ ಜೀವ ವಿಜ್ಞಾನದ ವಿಭಾಗದ ಡೀನರಾದ ಪ್ರೊ. ಶಶಿಕಾಂತ್ ಮಜಗಿ, ಶುದ್ಧ ವಿಜ್ಞಾನ ನಿಕಾಯದ ಡೀನರು, ಅಧ್ಯಾಪಕರು ಹಾಗೂ ವಿದ್ಯಾರ್ಥಿಗಳು ಉಪಸ್ಥಿತರಿದ್ದರು.

ವಿಜ್ಞಾನ ದಿನಾಚರಣೆ ಅಂಗವಾಗಿ ವಿಶ್ವವಿದ್ಯಾಲಯದಲ್ಲಿ ಆಯೋಜಿಸಿದ್ದ ಕಾರ್ಯಕ್ರಮದಲ್ಲಿ ಅವರು ಮಾತನಾಡಿದರು.

ಬಳ್ಳಾರಿ: ದೇಶದ ಯುವ ಜನತೆಯಲ್ಲಿ ವೈಜ್ಞಾನಿಕ ಮನೋಭಾವ ಬೆಳೆಸುವ ಮೂಲಕ ವೈಜ್ಞಾನಿಕ ಪ್ರಗತಿಗೆ ಯುವಕರನ್ನು ಪ್ರೇರೇಪಿಸಬೇಕು ಎಂದು ಡಾ ಮೊಹ್ಮದ್ ಮುಸ್ತಫಾ ಹೇಳಿದರು.

ವಿಜ್ಞಾನ ಕ್ಷೇತ್ರದತ್ತ ಮತ್ತಷ್ಟು ಆಸಕ್ತಿ ಬೆಳೆಸಿಕೊಳ್ಳಬೇಕು. ದೇಶದ ಪ್ರತಿಷ್ಠಿತ ವಿಜ್ಞಾನಿಗಳಿಂದ ಸ್ಫೂರ್ತಿ ಪಡೆದು, ಹೊಸ ಆವಿಷ್ಕಾರಗಳಿಗೆ ಮುಂದಾಗಬೇಕು. ವೈಜ್ಞಾನಿಕ ಸಂಶೋಧನೆ ಮತ್ತು ತಾಂತ್ರಿಕ ಪ್ರಗತಿಯಲ್ಲಿ ನಮ್ಮ ದೇಶವು ವಿಶ್ವಕ್ಕೆ ಮಾದರಿಯಾಗುವ ನಿಟ್ಟಿನಲ್ಲಿ ನಾವು-ನೀವೆಲ್ಲ ಕೆಲಸ ಮಾಡೋಣ ಎಂದು ವಿದ್ಯಾರ್ಥಿಗಳಿಗೆ ಹೇಳಿದರು.

ಈ ಸಂದರ್ಭದಲ್ಲಿ ವಿಶ್ವವಿದ್ಯಾಲಯದ ಜೀವ ವಿಜ್ಞಾನದ ವಿಭಾಗದ ಡೀನರಾದ ಪ್ರೊ. ಶಶಿಕಾಂತ್ ಮಜಗಿ, ಶುದ್ಧ ವಿಜ್ಞಾನ ನಿಕಾಯದ ಡೀನರು, ಅಧ್ಯಾಪಕರು ಹಾಗೂ ವಿದ್ಯಾರ್ಥಿಗಳು ಉಪಸ್ಥಿತರಿದ್ದರು.

ವಿಜ್ಞಾನ ದಿನಾಚರಣೆ ಅಂಗವಾಗಿ ವಿಶ್ವವಿದ್ಯಾಲಯದಲ್ಲಿ ಆಯೋಜಿಸಿದ್ದ ಕಾರ್ಯಕ್ರಮದಲ್ಲಿ ಅವರು ಮಾತನಾಡಿದರು.
